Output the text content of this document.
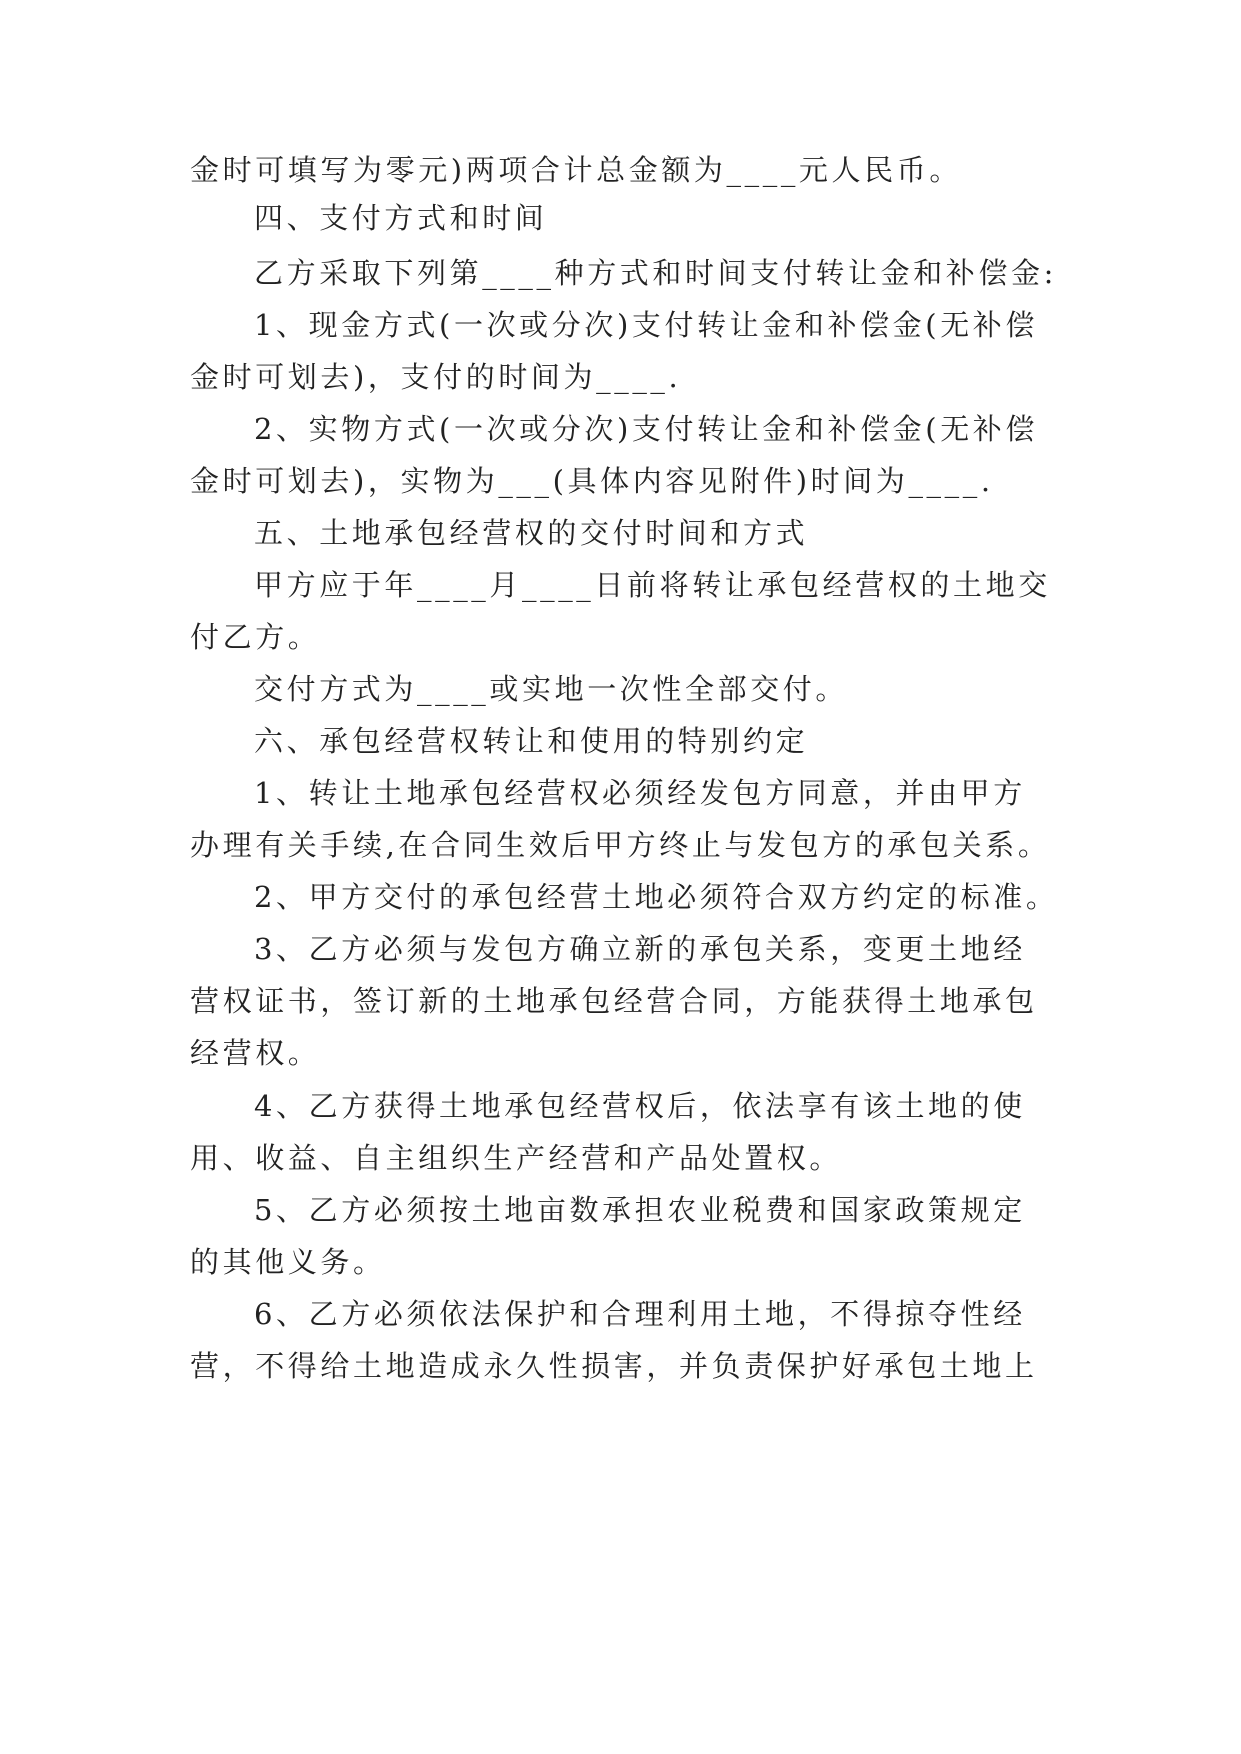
金时可填写为零元)两项合计总金额为____元人民币。
四、支付方式和时间
乙方采取下列第____种方式和时间支付转让金和补偿金:
1、现金方式(一次或分次)支付转让金和补偿金(无补偿
金时可划去)，支付的时间为____.
2、实物方式(一次或分次)支付转让金和补偿金(无补偿
金时可划去)，实物为___(具体内容见附件)时间为____.
五、土地承包经营权的交付时间和方式
甲方应于年____月____日前将转让承包经营权的土地交
付乙方。
交付方式为____或实地一次性全部交付。
六、承包经营权转让和使用的特别约定
1、转让土地承包经营权必须经发包方同意，并由甲方
办理有关手续,在合同生效后甲方终止与发包方的承包关系。
2、甲方交付的承包经营土地必须符合双方约定的标准。
3、乙方必须与发包方确立新的承包关系，变更土地经
营权证书，签订新的土地承包经营合同，方能获得土地承包
经营权。
4、乙方获得土地承包经营权后，依法享有该土地的使
用、收益、自主组织生产经营和产品处置权。
5、乙方必须按土地亩数承担农业税费和国家政策规定
的其他义务。
6、乙方必须依法保护和合理利用土地，不得掠夺性经
营，不得给土地造成永久性损害，并负责保护好承包土地上
